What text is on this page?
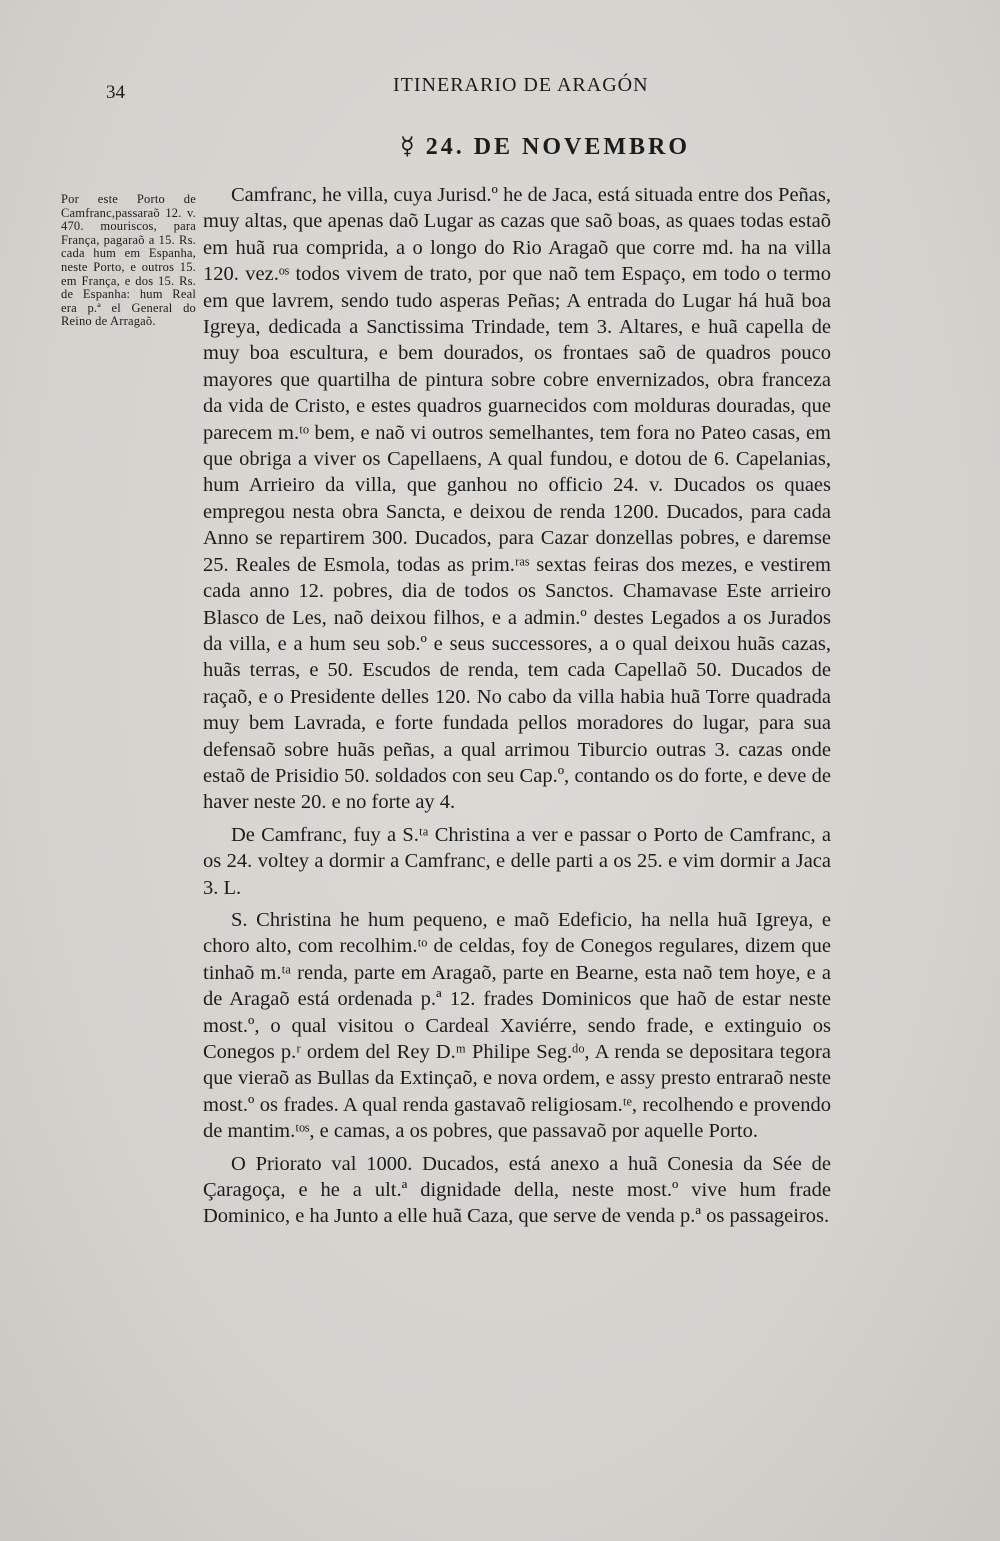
34	ITINERARIO DE ARAGÓN
☿ 24. DE NOVEMBRO
Por este Porto de Camfranc,passaraõ 12. v. 470. mouriscos, para França, pagaraõ a 15. Rs. cada hum em Espanha, neste Porto, e outros 15. em França, e dos 15. Rs. de Espanha: hum Real era p.ª el General do Reino de Arragaõ.

Camfranc, he villa, cuya Jurisd.º he de Jaca, está situada entre dos Peñas, muy altas, que apenas daõ Lugar as cazas que saõ boas, as quaes todas estaõ em huã rua comprida, a o longo do Rio Aragaõ que corre md. ha na villa 120. vez.ᵒˢ todos vivem de trato, por que naõ tem Espaço, em todo o termo em que lavrem, sendo tudo asperas Peñas; A entrada do Lugar há huã boa Igreya, dedicada a Sanctissima Trindade, tem 3. Altares, e huã capella de muy boa escultura, e bem dourados, os frontaes saõ de quadros pouco mayores que quartilha de pintura sobre cobre envernizados, obra franceza da vida de Cristo, e estes quadros guarnecidos com molduras douradas, que parecem m.ᵗᵒ bem, e naõ vi outros semelhantes, tem fora no Pateo casas, em que obriga a viver os Capellaens, A qual fundou, e dotou de 6. Capelanias, hum Arrieiro da villa, que ganhou no officio 24. v. Ducados os quaes empregou nesta obra Sancta, e deixou de renda 1200. Ducados, para cada Anno se repartirem 300. Ducados, para Cazar donzellas pobres, e daremse 25. Reales de Esmola, todas as prim.ʳᵃˢ sextas feiras dos mezes, e vestirem cada anno 12. pobres, dia de todos os Sanctos. Chamavase Este arrieiro Blasco de Les, naõ deixou filhos, e a admin.º destes Legados a os Jurados da villa, e a hum seu sob.º e seus successores, a o qual deixou huãs cazas, huãs terras, e 50. Escudos de renda, tem cada Capellaõ 50. Ducados de raçaõ, e o Presidente delles 120. No cabo da villa habia huã Torre quadrada muy bem Lavrada, e forte fundada pellos moradores do lugar, para sua defensaõ sobre huãs peñas, a qual arrimou Tiburcio outras 3. cazas onde estaõ de Prisidio 50. soldados con seu Cap.º, contando os do forte, e deve de haver neste 20. e no forte ay 4.

De Camfranc, fuy a S.ᵗᵃ Christina a ver e passar o Porto de Camfranc, a os 24. voltey a dormir a Camfranc, e delle parti a os 25. e vim dormir a Jaca 3. L.

S. Christina he hum pequeno, e maõ Edeficio, ha nella huã Igreya, e choro alto, com recolhim.ᵗᵒ de celdas, foy de Conegos regulares, dizem que tinhaõ m.ᵗᵃ renda, parte em Aragaõ, parte en Bearne, esta naõ tem hoye, e a de Aragaõ está ordenada p.ª 12. frades Dominicos que haõ de estar neste most.º, o qual visitou o Cardeal Xaviérre, sendo frade, e extinguio os Conegos p.ʳ ordem del Rey D.ᵐ Philipe Seg.ᵈᵒ, A renda se depositara tegora que vieraõ as Bullas da Extinçaõ, e nova ordem, e assy presto entraraõ neste most.º os frades. A qual renda gastavaõ religiosam.ᵗᵉ, recolhendo e provendo de mantim.ᵗᵒˢ, e camas, a os pobres, que passavaõ por aquelle Porto.

O Priorato val 1000. Ducados, está anexo a huã Conesia da Sée de Çaragoça, e he a ult.ª dignidade della, neste most.º vive hum frade Dominico, e ha Junto a elle huã Caza, que serve de venda p.ª os passageiros.
